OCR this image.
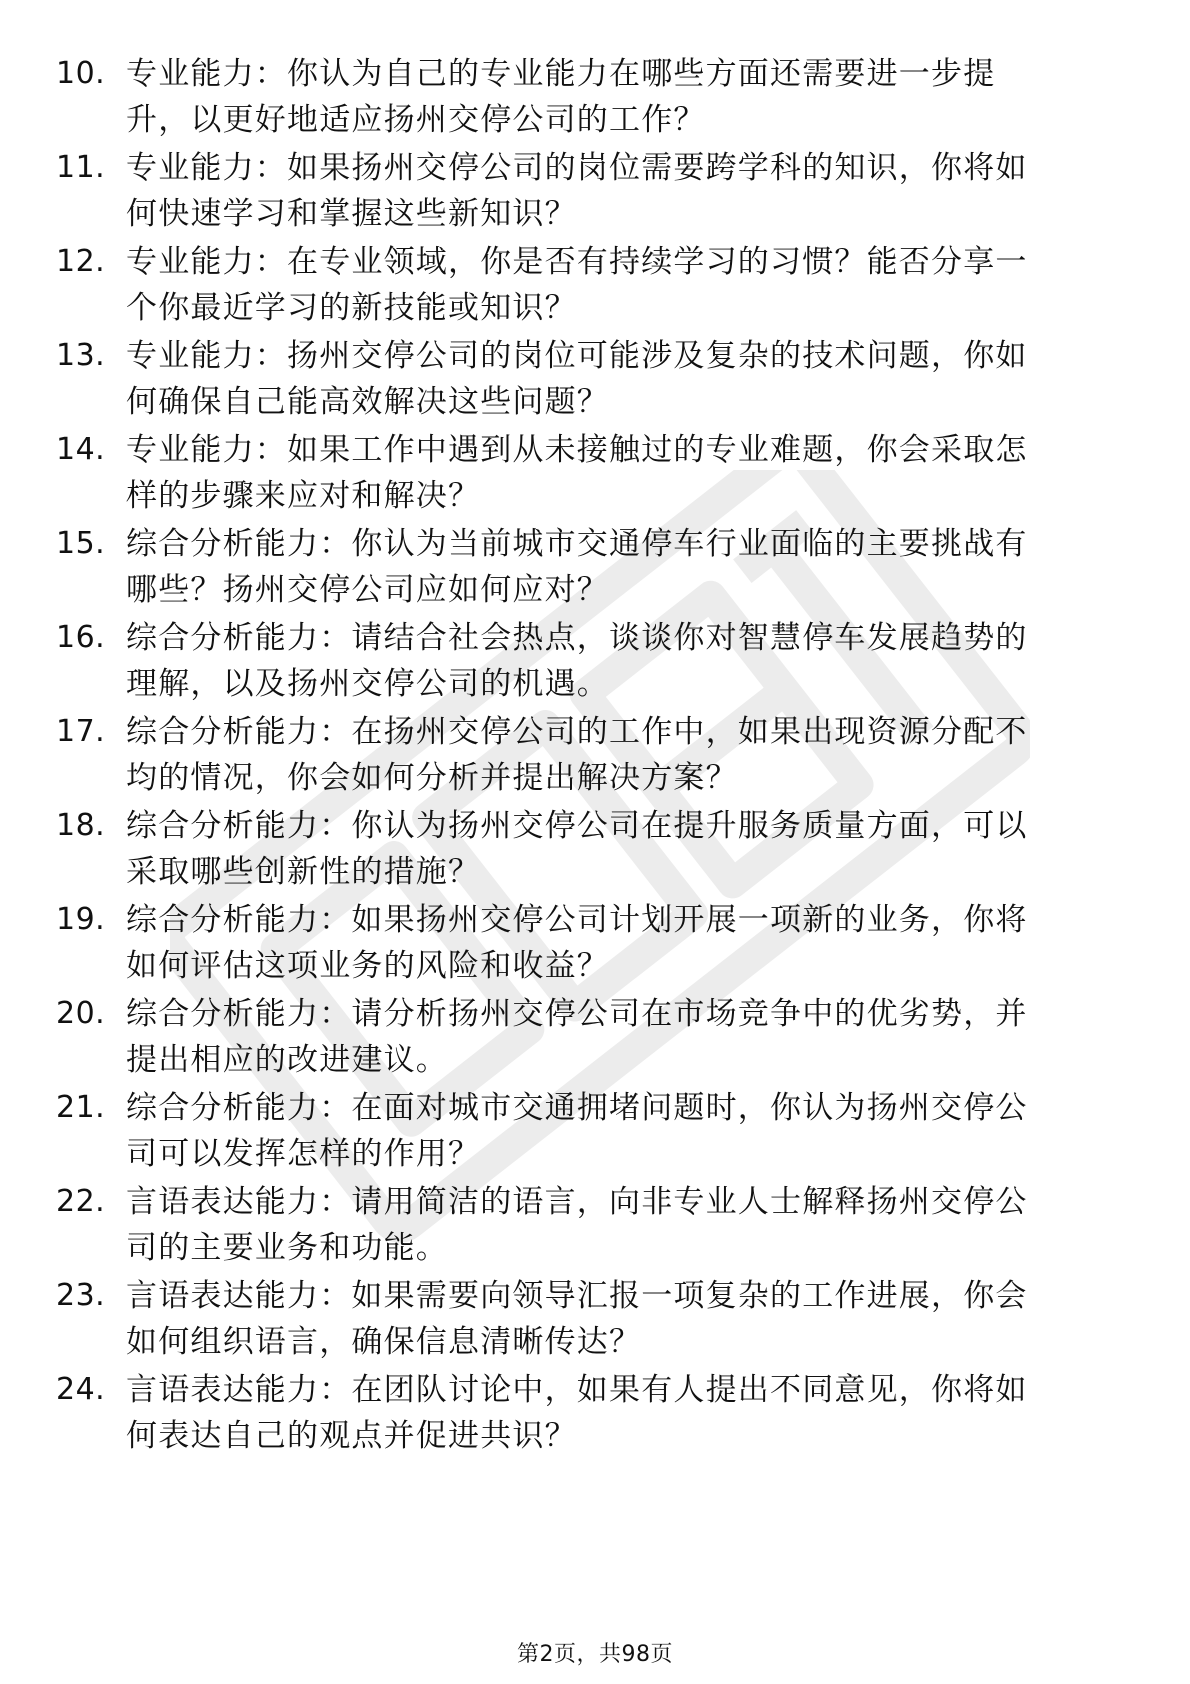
10. 专业能力：你认为自己的专业能力在哪些方面还需要进一步提
升，以更好地适应扬州交停公司的工作？
11. 专业能力：如果扬州交停公司的岗位需要跨学科的知识，你将如
何快速学习和掌握这些新知识？
12. 专业能力：在专业领域，你是否有持续学习的习惯？能否分享一
个你最近学习的新技能或知识？
13. 专业能力：扬州交停公司的岗位可能涉及复杂的技术问题，你如
何确保自己能高效解决这些问题？
14. 专业能力：如果工作中遇到从未接触过的专业难题，你会采取怎
样的步骤来应对和解决？
15. 综合分析能力：你认为当前城市交通停车行业面临的主要挑战有
哪些？扬州交停公司应如何应对？
16. 综合分析能力：请结合社会热点，谈谈你对智慧停车发展趋势的
理解，以及扬州交停公司的机遇。
17. 综合分析能力：在扬州交停公司的工作中，如果出现资源分配不
均的情况，你会如何分析并提出解决方案？
18. 综合分析能力：你认为扬州交停公司在提升服务质量方面，可以
采取哪些创新性的措施？
19. 综合分析能力：如果扬州交停公司计划开展一项新的业务，你将
如何评估这项业务的风险和收益？
20. 综合分析能力：请分析扬州交停公司在市场竞争中的优劣势，并
提出相应的改进建议。
21. 综合分析能力：在面对城市交通拥堵问题时，你认为扬州交停公
司可以发挥怎样的作用？
22. 言语表达能力：请用简洁的语言，向非专业人士解释扬州交停公
司的主要业务和功能。
23. 言语表达能力：如果需要向领导汇报一项复杂的工作进展，你会
如何组织语言，确保信息清晰传达？
24. 言语表达能力：在团队讨论中，如果有人提出不同意见，你将如
何表达自己的观点并促进共识？
第2页，共98页
